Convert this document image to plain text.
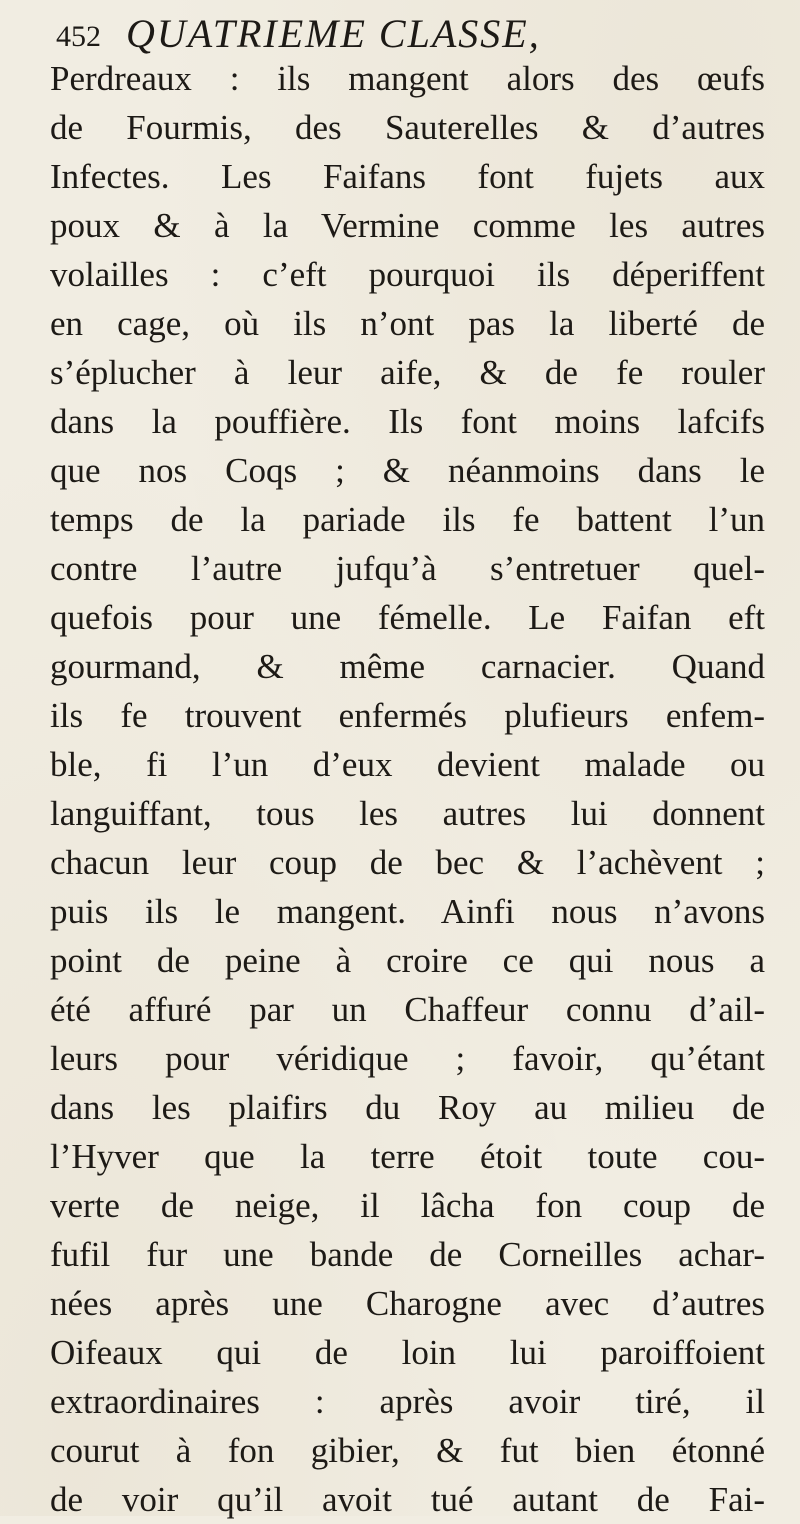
452 QUATRIEME CLASSE,
Perdreaux : ils mangent alors des œufs
de Fourmis, des Sauterelles & d’autres
Infectes. Les Faifans font fujets aux
poux & à la Vermine comme les autres
volailles : c’eft pourquoi ils déperiffent
en cage, où ils n’ont pas la liberté de
s’éplucher à leur aife, & de fe rouler
dans la pouffière. Ils font moins lafcifs
que nos Coqs ; & néanmoins dans le
temps de la pariade ils fe battent l’un
contre l’autre jufqu’à s’entretuer quel-
quefois pour une fémelle. Le Faifan eft
gourmand, & même carnacier. Quand
ils fe trouvent enfermés plufieurs enfem-
ble, fi l’un d’eux devient malade ou
languiffant, tous les autres lui donnent
chacun leur coup de bec & l’achèvent ;
puis ils le mangent. Ainfi nous n’avons
point de peine à croire ce qui nous a
été affuré par un Chaffeur connu d’ail-
leurs pour véridique ; favoir, qu’étant
dans les plaifirs du Roy au milieu de
l’Hyver que la terre étoit toute cou-
verte de neige, il lâcha fon coup de
fufil fur une bande de Corneilles achar-
nées après une Charogne avec d’autres
Oifeaux qui de loin lui paroiffoient
extraordinaires : après avoir tiré, il
courut à fon gibier, & fut bien étonné
de voir qu’il avoit tué autant de Fai-
